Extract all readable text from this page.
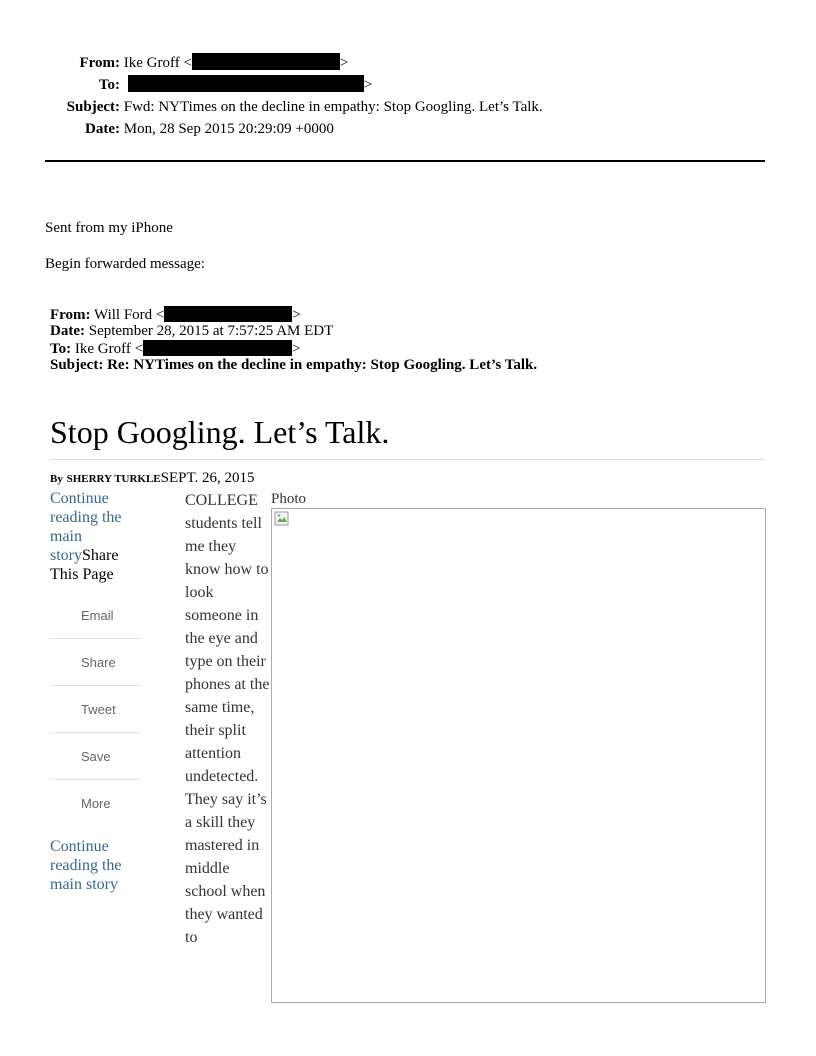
From: Ike Groff <	>
To:	>
Subject: Fwd: NYTimes on the decline in empathy: Stop Googling. Let’s Talk.
Date: Mon, 28 Sep 2015 20:29:09 +0000
Sent from my iPhone
Begin forwarded message:
From: Will Ford <	>
Date: September 28, 2015 at 7:57:25 AM EDT
To: Ike Groff <	>
Subject: Re: NYTimes on the decline in empathy: Stop Googling. Let’s Talk.
Stop Googling. Let’s Talk.
By SHERRY TURKLESEPT. 26, 2015
Continue reading the main storyShare This Page
Email
Share
Tweet
Save
More
Continue reading the main story
COLLEGE students tell me they know how to look someone in the eye and type on their phones at the same time, their split attention undetected. They say it’s a skill they mastered in middle school when they wanted to
Photo
